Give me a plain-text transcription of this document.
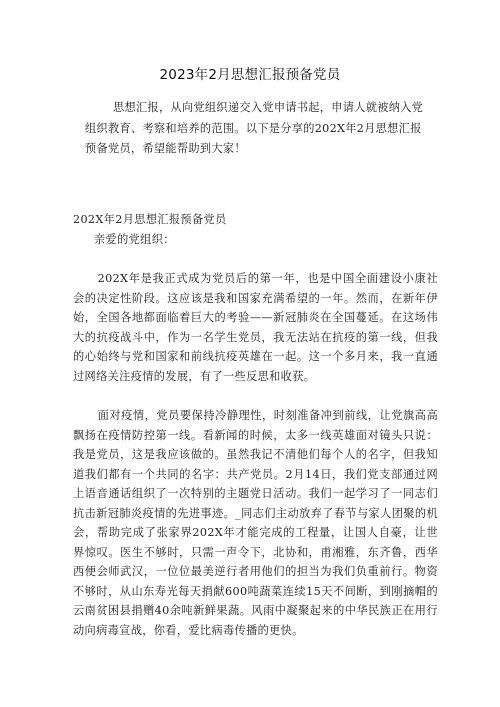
2023年2月思想汇报预备党员

思想汇报，从向党组织递交入党申请书起，申请人就被纳入党组织教育、考察和培养的范围。以下是分享的202X年2月思想汇报预备党员，希望能帮助到大家！

202X年2月思想汇报预备党员

亲爱的党组织：

202X年是我正式成为党员后的第一年，也是中国全面建设小康社会的决定性阶段。这应该是我和国家充满希望的一年。然而，在新年伊始，全国各地都面临着巨大的考验——新冠肺炎在全国蔓延。在这场伟大的抗疫战斗中，作为一名学生党员，我无法站在抗疫的第一线，但我的心始终与党和国家和前线抗疫英雄在一起。这一个多月来，我一直通过网络关注疫情的发展，有了一些反思和收获。

面对疫情，党员要保持冷静理性，时刻准备冲到前线，让党旗高高飘扬在疫情防控第一线。看新闻的时候，太多一线英雄面对镜头只说：我是党员，这是我应该做的。虽然我记不清他们每个人的名字，但我知道我们都有一个共同的名字：共产党员。2月14日，我们党支部通过网上语音通话组织了一次特别的主题党日活动。我们一起学习了一同志们抗击新冠肺炎疫情的先进事迹。_同志们主动放弃了春节与家人团聚的机会，帮助完成了张家界202X年才能完成的工程量，让国人自豪，让世界惊叹。医生不够时，只需一声令下，北协和，甫湘雅，东齐鲁，西华西便会师武汉，一位位最美逆行者用他们的担当为我们负重前行。物资不够时，从山东寿光每天捐献600吨蔬菜连续15天不间断，到刚摘帽的云南贫困县捐赠40余吨新鲜果蔬。风雨中凝聚起来的中华民族正在用行动向病毒宣战，你看，爱比病毒传播的更快。
